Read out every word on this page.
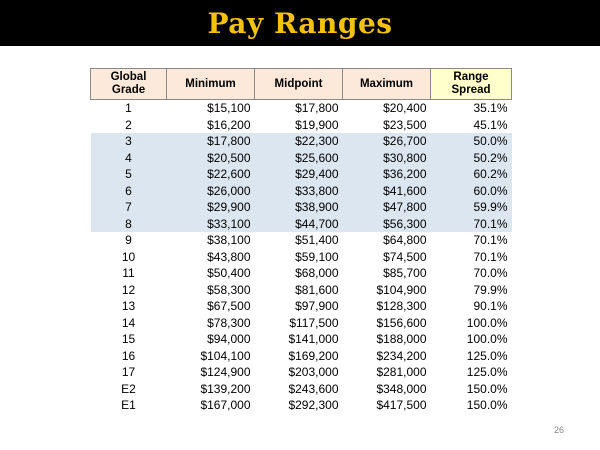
Pay Ranges
Global Grade	Minimum	Midpoint	Maximum	Range Spread
1	$15,100	$17,800	$20,400	35.1%
2	$16,200	$19,900	$23,500	45.1%
3	$17,800	$22,300	$26,700	50.0%
4	$20,500	$25,600	$30,800	50.2%
5	$22,600	$29,400	$36,200	60.2%
6	$26,000	$33,800	$41,600	60.0%
7	$29,900	$38,900	$47,800	59.9%
8	$33,100	$44,700	$56,300	70.1%
9	$38,100	$51,400	$64,800	70.1%
10	$43,800	$59,100	$74,500	70.1%
11	$50,400	$68,000	$85,700	70.0%
12	$58,300	$81,600	$104,900	79.9%
13	$67,500	$97,900	$128,300	90.1%
14	$78,300	$117,500	$156,600	100.0%
15	$94,000	$141,000	$188,000	100.0%
16	$104,100	$169,200	$234,200	125.0%
17	$124,900	$203,000	$281,000	125.0%
E2	$139,200	$243,600	$348,000	150.0%
E1	$167,000	$292,300	$417,500	150.0%
26
